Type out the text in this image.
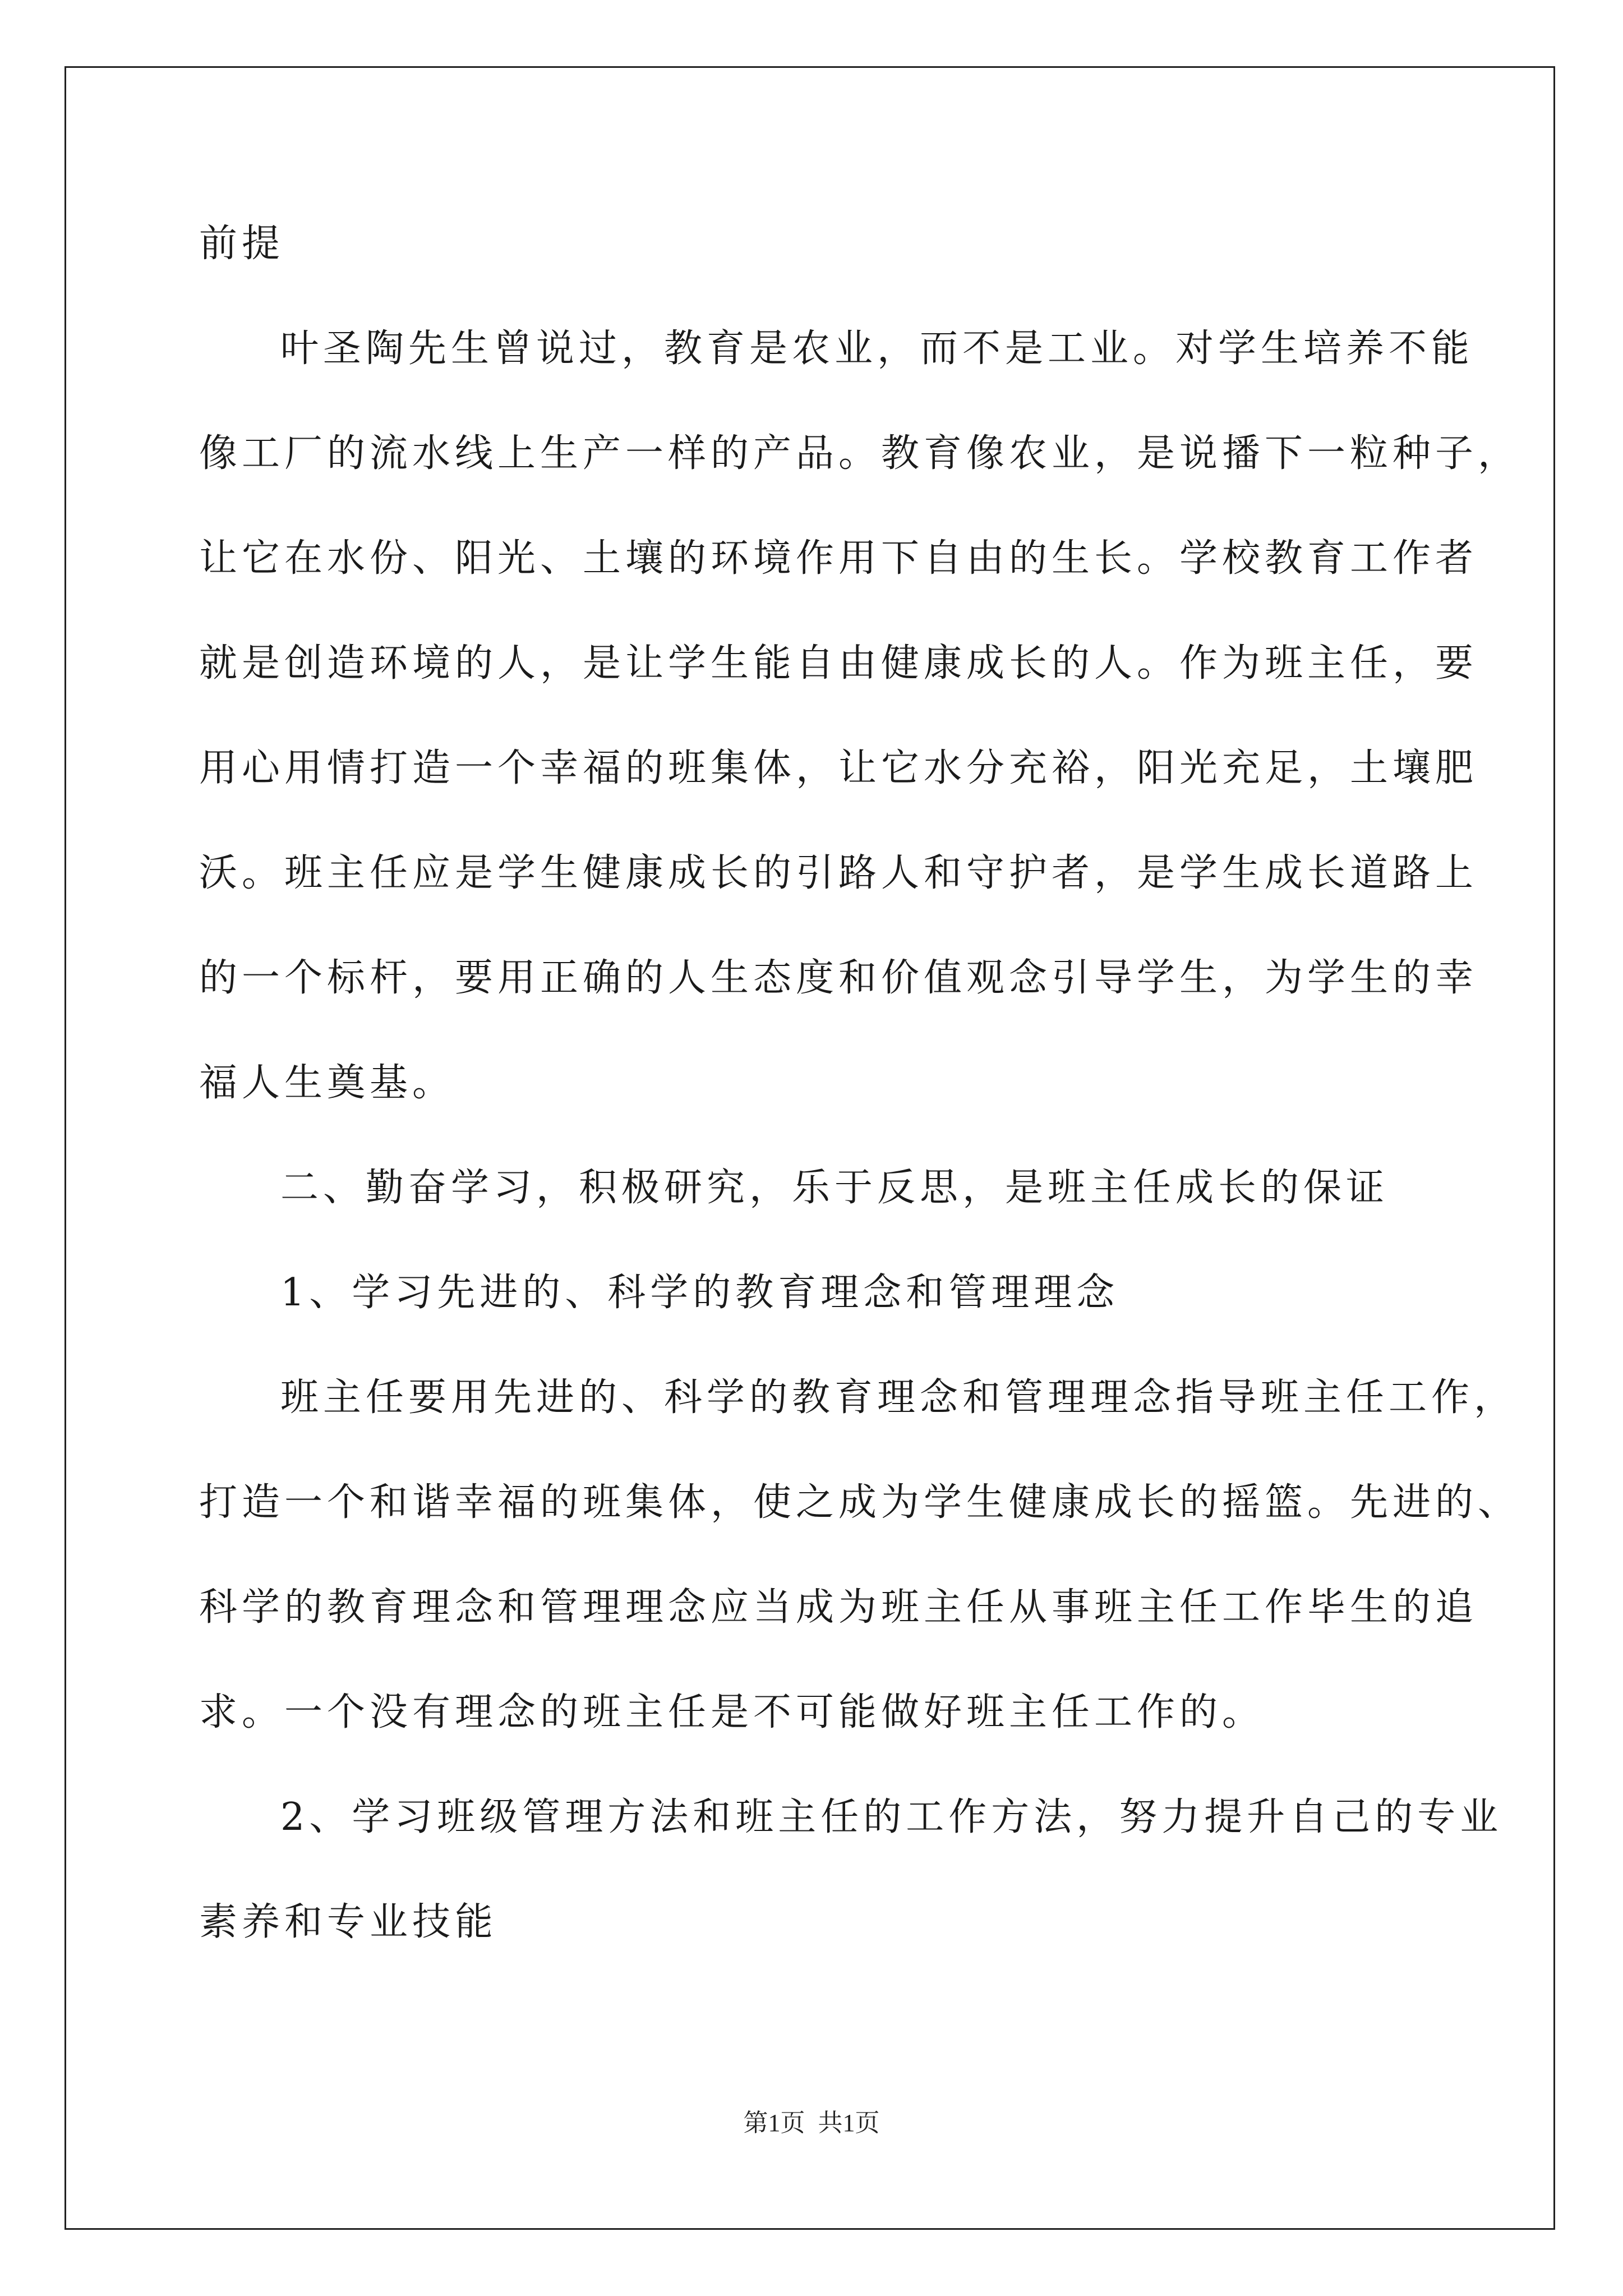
前提
叶圣陶先生曾说过，教育是农业，而不是工业。对学生培养不能
像工厂的流水线上生产一样的产品。教育像农业，是说播下一粒种子，
让它在水份、阳光、土壤的环境作用下自由的生长。学校教育工作者
就是创造环境的人，是让学生能自由健康成长的人。作为班主任，要
用心用情打造一个幸福的班集体，让它水分充裕，阳光充足，土壤肥
沃。班主任应是学生健康成长的引路人和守护者，是学生成长道路上
的一个标杆，要用正确的人生态度和价值观念引导学生，为学生的幸
福人生奠基。
二、勤奋学习，积极研究，乐于反思，是班主任成长的保证
1、学习先进的、科学的教育理念和管理理念
班主任要用先进的、科学的教育理念和管理理念指导班主任工作，
打造一个和谐幸福的班集体，使之成为学生健康成长的摇篮。先进的、
科学的教育理念和管理理念应当成为班主任从事班主任工作毕生的追
求。一个没有理念的班主任是不可能做好班主任工作的。
2、学习班级管理方法和班主任的工作方法，努力提升自己的专业
素养和专业技能
第1页 共1页
